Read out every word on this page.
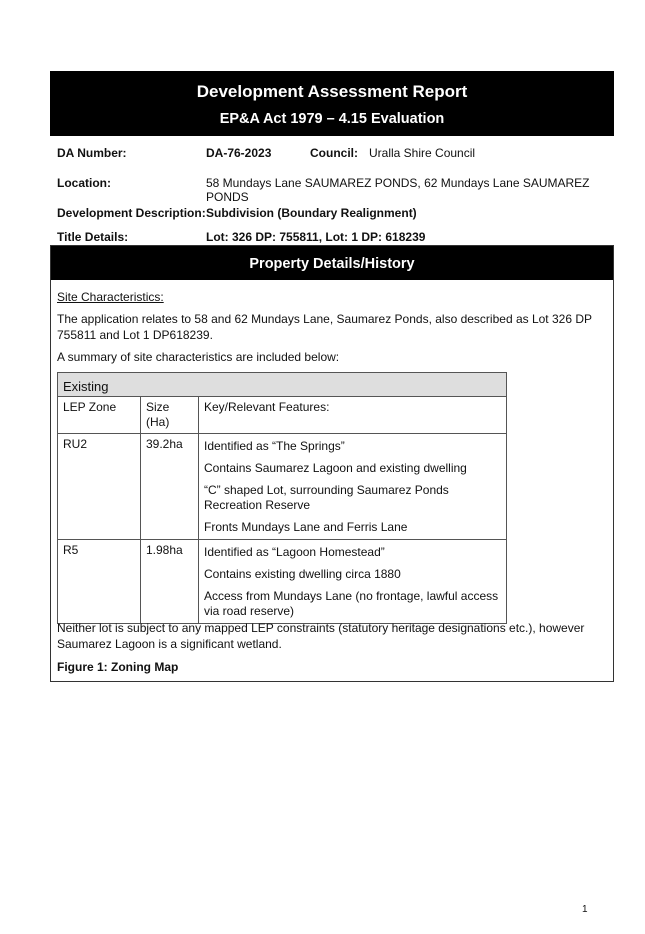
Development Assessment Report
EP&A Act 1979 – 4.15 Evaluation
DA Number:	DA-76-2023	Council: Uralla Shire Council
Location:	58 Mundays Lane SAUMAREZ PONDS, 62 Mundays Lane SAUMAREZ PONDS
Development Description: Subdivision (Boundary Realignment)
Title Details:	Lot: 326 DP: 755811, Lot: 1 DP: 618239
Property Details/History
Site Characteristics:
The application relates to 58 and 62 Mundays Lane, Saumarez Ponds, also described as Lot 326 DP 755811 and Lot 1 DP618239.
A summary of site characteristics are included below:
Existing		
LEP Zone	Size (Ha)	Key/Relevant Features:
RU2	39.2ha	Identified as “The Springs”

Contains Saumarez Lagoon and existing dwelling

“C” shaped Lot, surrounding Saumarez Ponds Recreation Reserve

Fronts Mundays Lane and Ferris Lane

R5	1.98ha	Identified as “Lagoon Homestead”

Contains existing dwelling circa 1880

Access from Mundays Lane (no frontage, lawful access via road reserve)

Neither lot is subject to any mapped LEP constraints (statutory heritage designations etc.), however Saumarez Lagoon is a significant wetland.
Figure 1: Zoning Map
1
